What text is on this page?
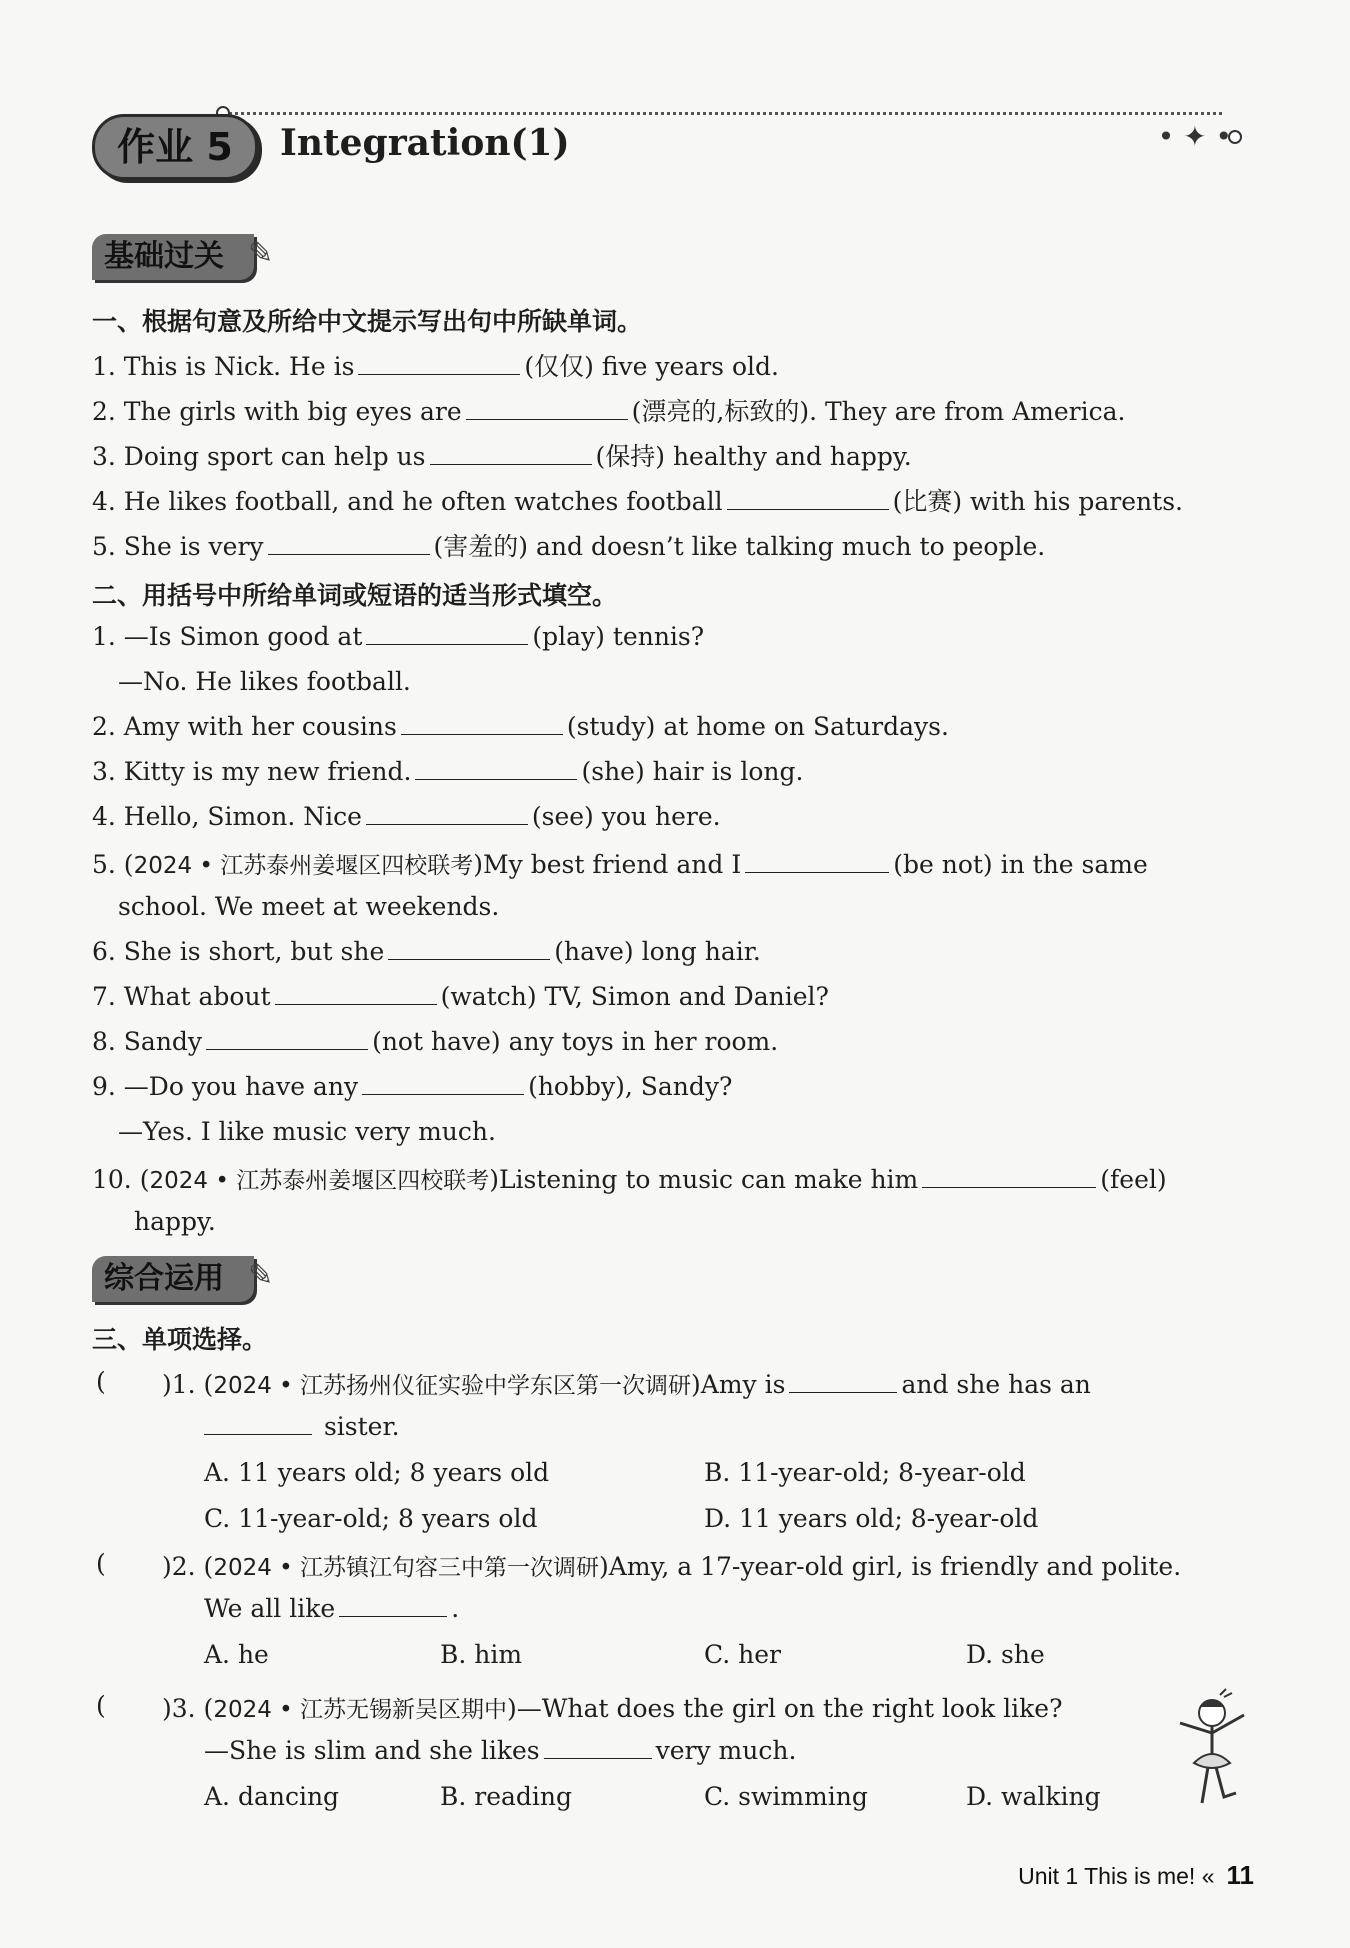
作业 5	Integration(1)	• ✦ •
基础过关 ✎
一、根据句意及所给中文提示写出句中所缺单词。
1. This is Nick. He is	(仅仅) five years old.
2. The girls with big eyes are	(漂亮的,标致的). They are from America.
3. Doing sport can help us	(保持) healthy and happy.
4. He likes football, and he often watches football	(比赛) with his parents.
5. She is very	(害羞的) and doesn’t like talking much to people.
二、用括号中所给单词或短语的适当形式填空。
1. —Is Simon good at	(play) tennis?
—No. He likes football.
2. Amy with her cousins	(study) at home on Saturdays.
3. Kitty is my new friend.	(she) hair is long.
4. Hello, Simon. Nice	(see) you here.
5. (2024 • 江苏泰州姜堰区四校联考)My best friend and I	(be not) in the same
school. We meet at weekends.
6. She is short, but she	(have) long hair.
7. What about	(watch) TV, Simon and Daniel?
8. Sandy	(not have) any toys in her room.
9. —Do you have any	(hobby), Sandy?
—Yes. I like music very much.
10. (2024 • 江苏泰州姜堰区四校联考)Listening to music can make him	(feel)
happy.
综合运用 ✎
三、单项选择。
( )1. (2024 • 江苏扬州仪征实验中学东区第一次调研)Amy is	and she has an
sister.
A. 11 years old; 8 years old	B. 11-year-old; 8-year-old
C. 11-year-old; 8 years old	D. 11 years old; 8-year-old
( )2. (2024 • 江苏镇江句容三中第一次调研)Amy, a 17-year-old girl, is friendly and polite.
We all like	.
A. he	B. him	C. her	D. she
( )3. (2024 • 江苏无锡新吴区期中)—What does the girl on the right look like?
—She is slim and she likes	very much.
A. dancing	B. reading	C. swimming	D. walking
Unit 1 This is me! « 11
